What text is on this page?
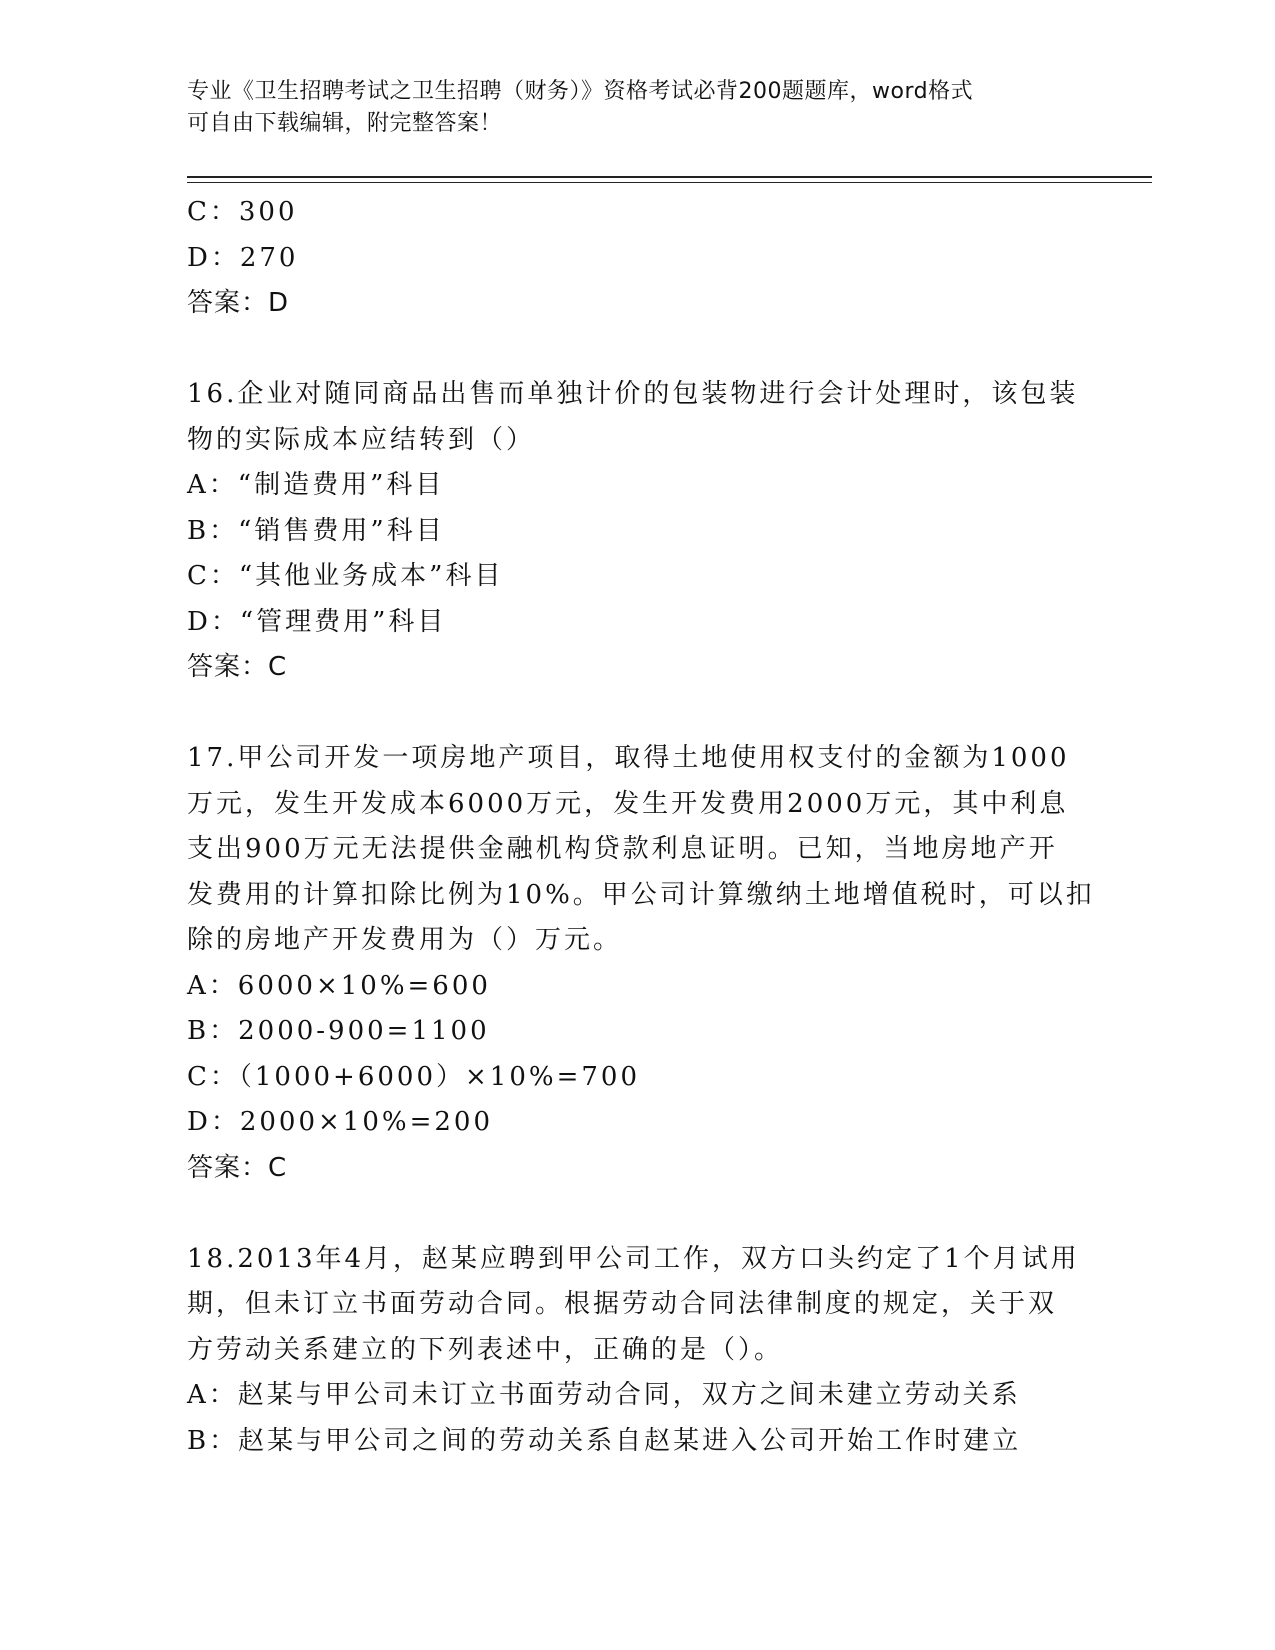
专业《卫生招聘考试之卫生招聘（财务）》资格考试必背200题题库，word格式
可自由下载编辑，附完整答案！
C：300
D：270
答案：D
16.企业对随同商品出售而单独计价的包装物进行会计处理时，该包装
物的实际成本应结转到（）
A：“制造费用”科目
B：“销售费用”科目
C：“其他业务成本”科目
D：“管理费用”科目
答案：C
17.甲公司开发一项房地产项目，取得土地使用权支付的金额为1000
万元，发生开发成本6000万元，发生开发费用2000万元，其中利息
支出900万元无法提供金融机构贷款利息证明。已知，当地房地产开
发费用的计算扣除比例为10%。甲公司计算缴纳土地增值税时，可以扣
除的房地产开发费用为（）万元。
A：6000×10%=600
B：2000-900=1100
C：（1000+6000）×10%=700
D：2000×10%=200
答案：C
18.2013年4月，赵某应聘到甲公司工作，双方口头约定了1个月试用
期，但未订立书面劳动合同。根据劳动合同法律制度的规定，关于双
方劳动关系建立的下列表述中，正确的是（）。
A：赵某与甲公司未订立书面劳动合同，双方之间未建立劳动关系
B：赵某与甲公司之间的劳动关系自赵某进入公司开始工作时建立
